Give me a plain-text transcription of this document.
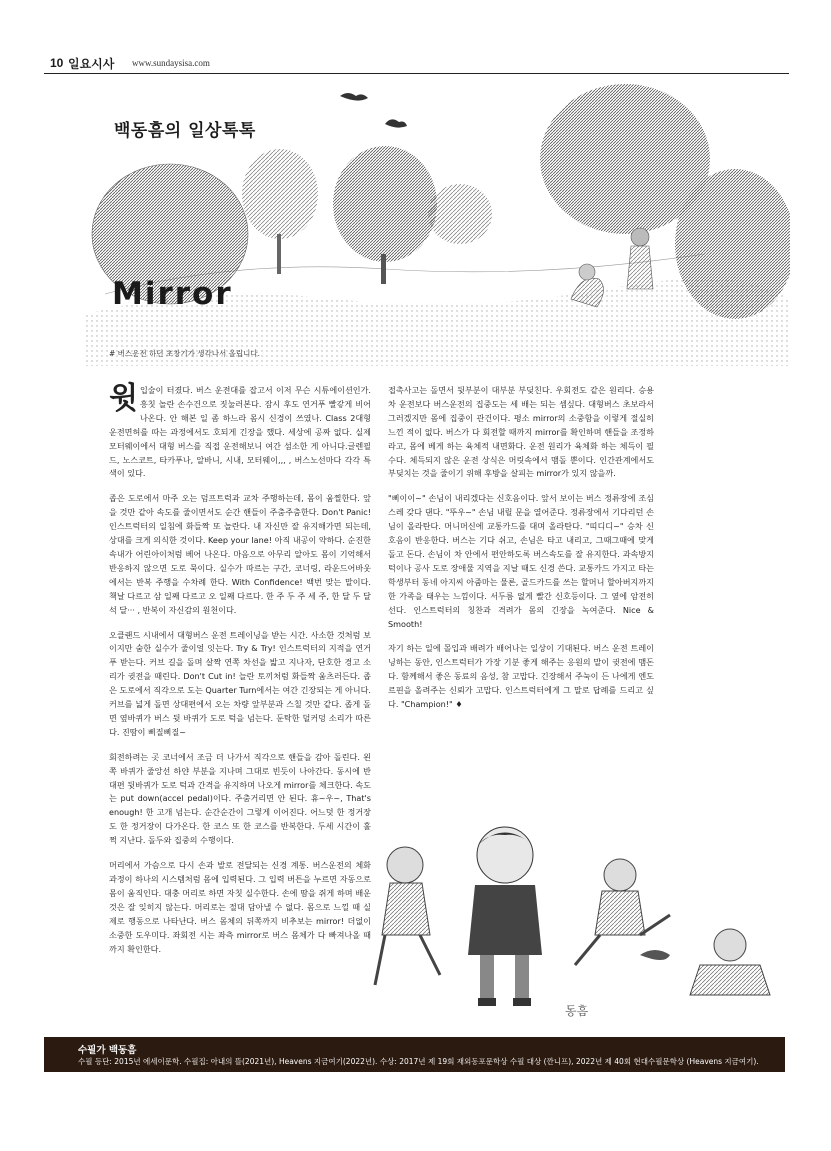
10 일요시사 www.sundaysisa.com
백동흠의 일상톡톡
Mirror
# 버스운전 하던 초창기가 생각나서 올립니다.

윗입술이 터졌다. 버스 운전대를 잡고서 이저 무슨 시튜에이션인가. 흥칫 놀란 손수건으로 짓눌러본다. 잠시 후도 연거푸 빨갛게 비어 나온다. 안 해본 일 좀 하느라 몸시 신경이 쓰였나. Class 2대형 운전면허를 따는 과정에서도 호되게 긴장을 했다. 세상에 공짜 없다. 실제 모터웨이에서 대형 버스를 직접 운전해보니 여간 섬소한 게 아니다.글렌필드, 노스코트, 타카푸나, 알바니, 시내, 모터웨이,,, , 버스노선마다 각각 특색이 있다.

좁은 도로에서 마주 오는 덤프트럭과 교차 주행하는데, 몸이 움찔한다. 앞을 것만 같아 속도를 줄이면서도 순간 핸들이 주춤주춤한다. Don't Panic! 인스트럭터의 일침에 화들짝 또 놀란다. 내 자신만 잘 유지해가면 되는데, 상대를 크게 의식한 것이다. Keep your lane! 아직 내공이 약하다. 순진한 속내가 어린아이처럼 베어 나온다. 마음으로 아무리 알아도 몸이 기억해서 반응하지 않으면 도로 묵이다. 실수가 따르는 구간, 코너링, 라운드어바웃에서는 반복 주행을 수차례 한다. With Confidence! 백번 맞는 말이다. 책날 다르고 삼 일째 다르고 오 일째 다르다. 한 주 두 주 세 주, 한 달 두 달 석 달··· , 반복이 자신감의 원천이다.

오클랜드 시내에서 대형버스 운전 트레이닝을 받는 시간. 사소한 것처럼 보이지만 숨한 실수가 줄이얼 잇는다. Try & Try! 인스트럭터의 지적을 연거푸 받는다. 커브 길을 돌며 살짝 연쪽 차선을 밟고 지나자, 단호한 경고 소리가 귓전을 때린다. Don't Cut in! 늘란 토끼처럼 화들짝 움츠러든다. 좁은 도로에서 직각으로 도는 Quarter Turn에서는 여간 긴장되는 게 아니다. 커브를 넓게 돌면 상대편에서 오는 차량 앞부분과 스칠 것만 같다. 좁게 돌면 옆바퀴가 버스 뒷 바퀴가 도로 턱을 넘는다. 둔탁한 덜커덩 소리가 따른다. 진땀이 삐질삐질~

회전하려는 곳 코너에서 조금 더 나가서 직각으로 핸들을 감아 돌린다. 왼쪽 바퀴가 줄앙선 하얀 부분을 지나며 그대로 빈듯이 나아간다. 동시에 반대편 뒷바퀴가 도로 턱과 간격을 유지하며 나오게 mirror를 체크한다. 속도는 put down(accel pedal)이다. 주춤거리면 안 된다. 휴~우~, That's enough! 한 고개 넘는다. 순간순간이 그렇게 이어진다. 어느덧 한 정거장도 한 정거장이 다가온다. 한 코스 또 한 코스를 반복한다. 두세 시간이 훌쩍 지난다. 돌두와 집중의 수행이다.

머리에서 가슴으로 다시 손과 발로 전달되는 신경 계통. 버스운전의 체화 과정이 하나의 시스템처럼 몸에 입력된다. 그 입력 버튼을 누르면 자동으로 몸이 움직인다. 대충 머리로 하면 자칫 실수한다. 손에 땀을 쥐게 하며 배운 것은 잘 잊히지 않는다. 머리로는 절대 담아낼 수 없다. 몸으로 느낄 때 실제로 행동으로 나타난다. 버스 몸체의 뒤쪽까지 비추보는 mirror! 더없이 소중한 도우미다. 좌회전 시는 좌측 mirror로 버스 몸체가 다 빠져나올 때까지 확인한다.

접촉사고는 돌면서 뒷부분이 대부분 부딪친다. 우회전도 같은 원리다. 승용차 운전보다 버스운전의 집중도는 세 배는 되는 셈싶다. 대형버스 초보라서 그러겠지만 몸에 집중이 관건이다. 평소 mirror의 소중함을 이렇게 절실히 느낀 적이 없다. 버스가 다 회전할 때까지 mirror를 확인하며 핸들을 조정하라고, 몸에 베게 하는 육체적 내면화다. 운전 원리가 육체화 하는 체득이 필수다. 체득되지 않은 운전 상식은 머릿속에서 맴돌 뿐이다. 인간관계에서도 부딪치는 것을 줄이기 위해 후방을 살피는 mirror가 있지 않을까.

"삐이이~" 손님이 내리겠다는 신호음이다. 앞서 보이는 버스 정류장에 조심스레 갖다 댄다. "뚜우~" 손님 내릴 문을 열어준다. 정류장에서 기다리던 손님이 올라탄다. 머니머신에 교통카드를 대며 올라탄다. "띠디디~" 승차 신호음이 반응한다. 버스는 기다 쉬고, 손님은 타고 내리고, 그때그때에 맞게 돌고 돈다. 손님이 차 안에서 편안하도록 버스속도를 잘 유지한다. 과속방지턱이나 공사 도로 장애물 지역을 지날 때도 신경 쓴다. 교통카드 가지고 타는 학생부터 동네 아지씨 아줌마는 물론, 골드카드를 쓰는 할머니 할아버지까지 한 가족을 태우는 느낌이다. 서두름 없게 빨간 신호등이다. 그 옆에 암전히 선다. 인스트럭터의 칭찬과 격려가 몸의 긴장을 녹여준다. Nice & Smooth!

자기 하는 일에 몰입과 배려가 배어나는 일상이 기대된다. 버스 운전 트레이닝하는 동안, 인스트럭터가 가장 기분 좋게 해주는 응원의 말이 귓전에 맴돈다. 함께해서 좋은 동료의 음성, 참 고맙다. 긴장해서 주눅이 든 나에게 엔도르핀을 올려주는 신뢰가 고맙다. 인스트럭터에게 그 말로 답례를 드리고 싶다. "Champion!" ♦

동흠
수필가 백동흠
수필 등단: 2015년 에세이문학. 수필집: 아내의 뜰(2021년), Heavens 지금여기(2022년). 수상: 2017년 제 19회 재외동포문학상 수필 대상 (깐니프), 2022년 제 40회 현대수필문학상 (Heavens 지금여기).
